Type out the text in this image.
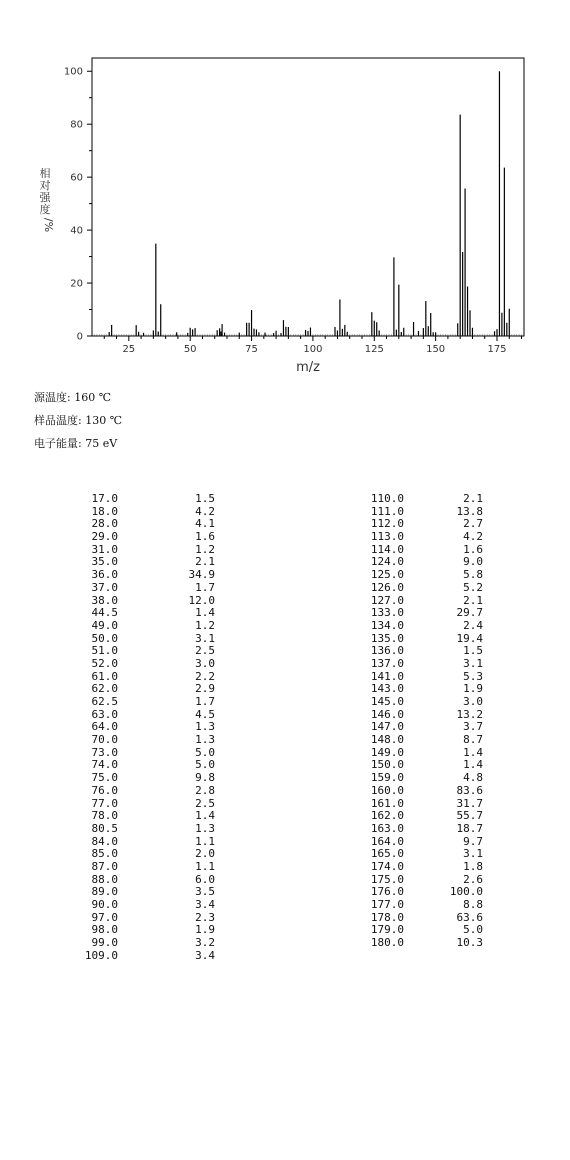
25	50	75	100	125	150	175
0
20
40
60
80
100
m/z
相
对
强
度
/%
源温度: 160 ℃
样品温度: 130 ℃
电子能量: 75 eV
17.0	1.5
18.0	4.2
28.0	4.1
29.0	1.6
31.0	1.2
35.0	2.1
36.0	34.9
37.0	1.7
38.0	12.0
44.5	1.4
49.0	1.2
50.0	3.1
51.0	2.5
52.0	3.0
61.0	2.2
62.0	2.9
62.5	1.7
63.0	4.5
64.0	1.3
70.0	1.3
73.0	5.0
74.0	5.0
75.0	9.8
76.0	2.8
77.0	2.5
78.0	1.4
80.5	1.3
84.0	1.1
85.0	2.0
87.0	1.1
88.0	6.0
89.0	3.5
90.0	3.4
97.0	2.3
98.0	1.9
99.0	3.2
109.0	3.4
110.0	2.1
111.0	13.8
112.0	2.7
113.0	4.2
114.0	1.6
124.0	9.0
125.0	5.8
126.0	5.2
127.0	2.1
133.0	29.7
134.0	2.4
135.0	19.4
136.0	1.5
137.0	3.1
141.0	5.3
143.0	1.9
145.0	3.0
146.0	13.2
147.0	3.7
148.0	8.7
149.0	1.4
150.0	1.4
159.0	4.8
160.0	83.6
161.0	31.7
162.0	55.7
163.0	18.7
164.0	9.7
165.0	3.1
174.0	1.8
175.0	2.6
176.0	100.0
177.0	8.8
178.0	63.6
179.0	5.0
180.0	10.3
